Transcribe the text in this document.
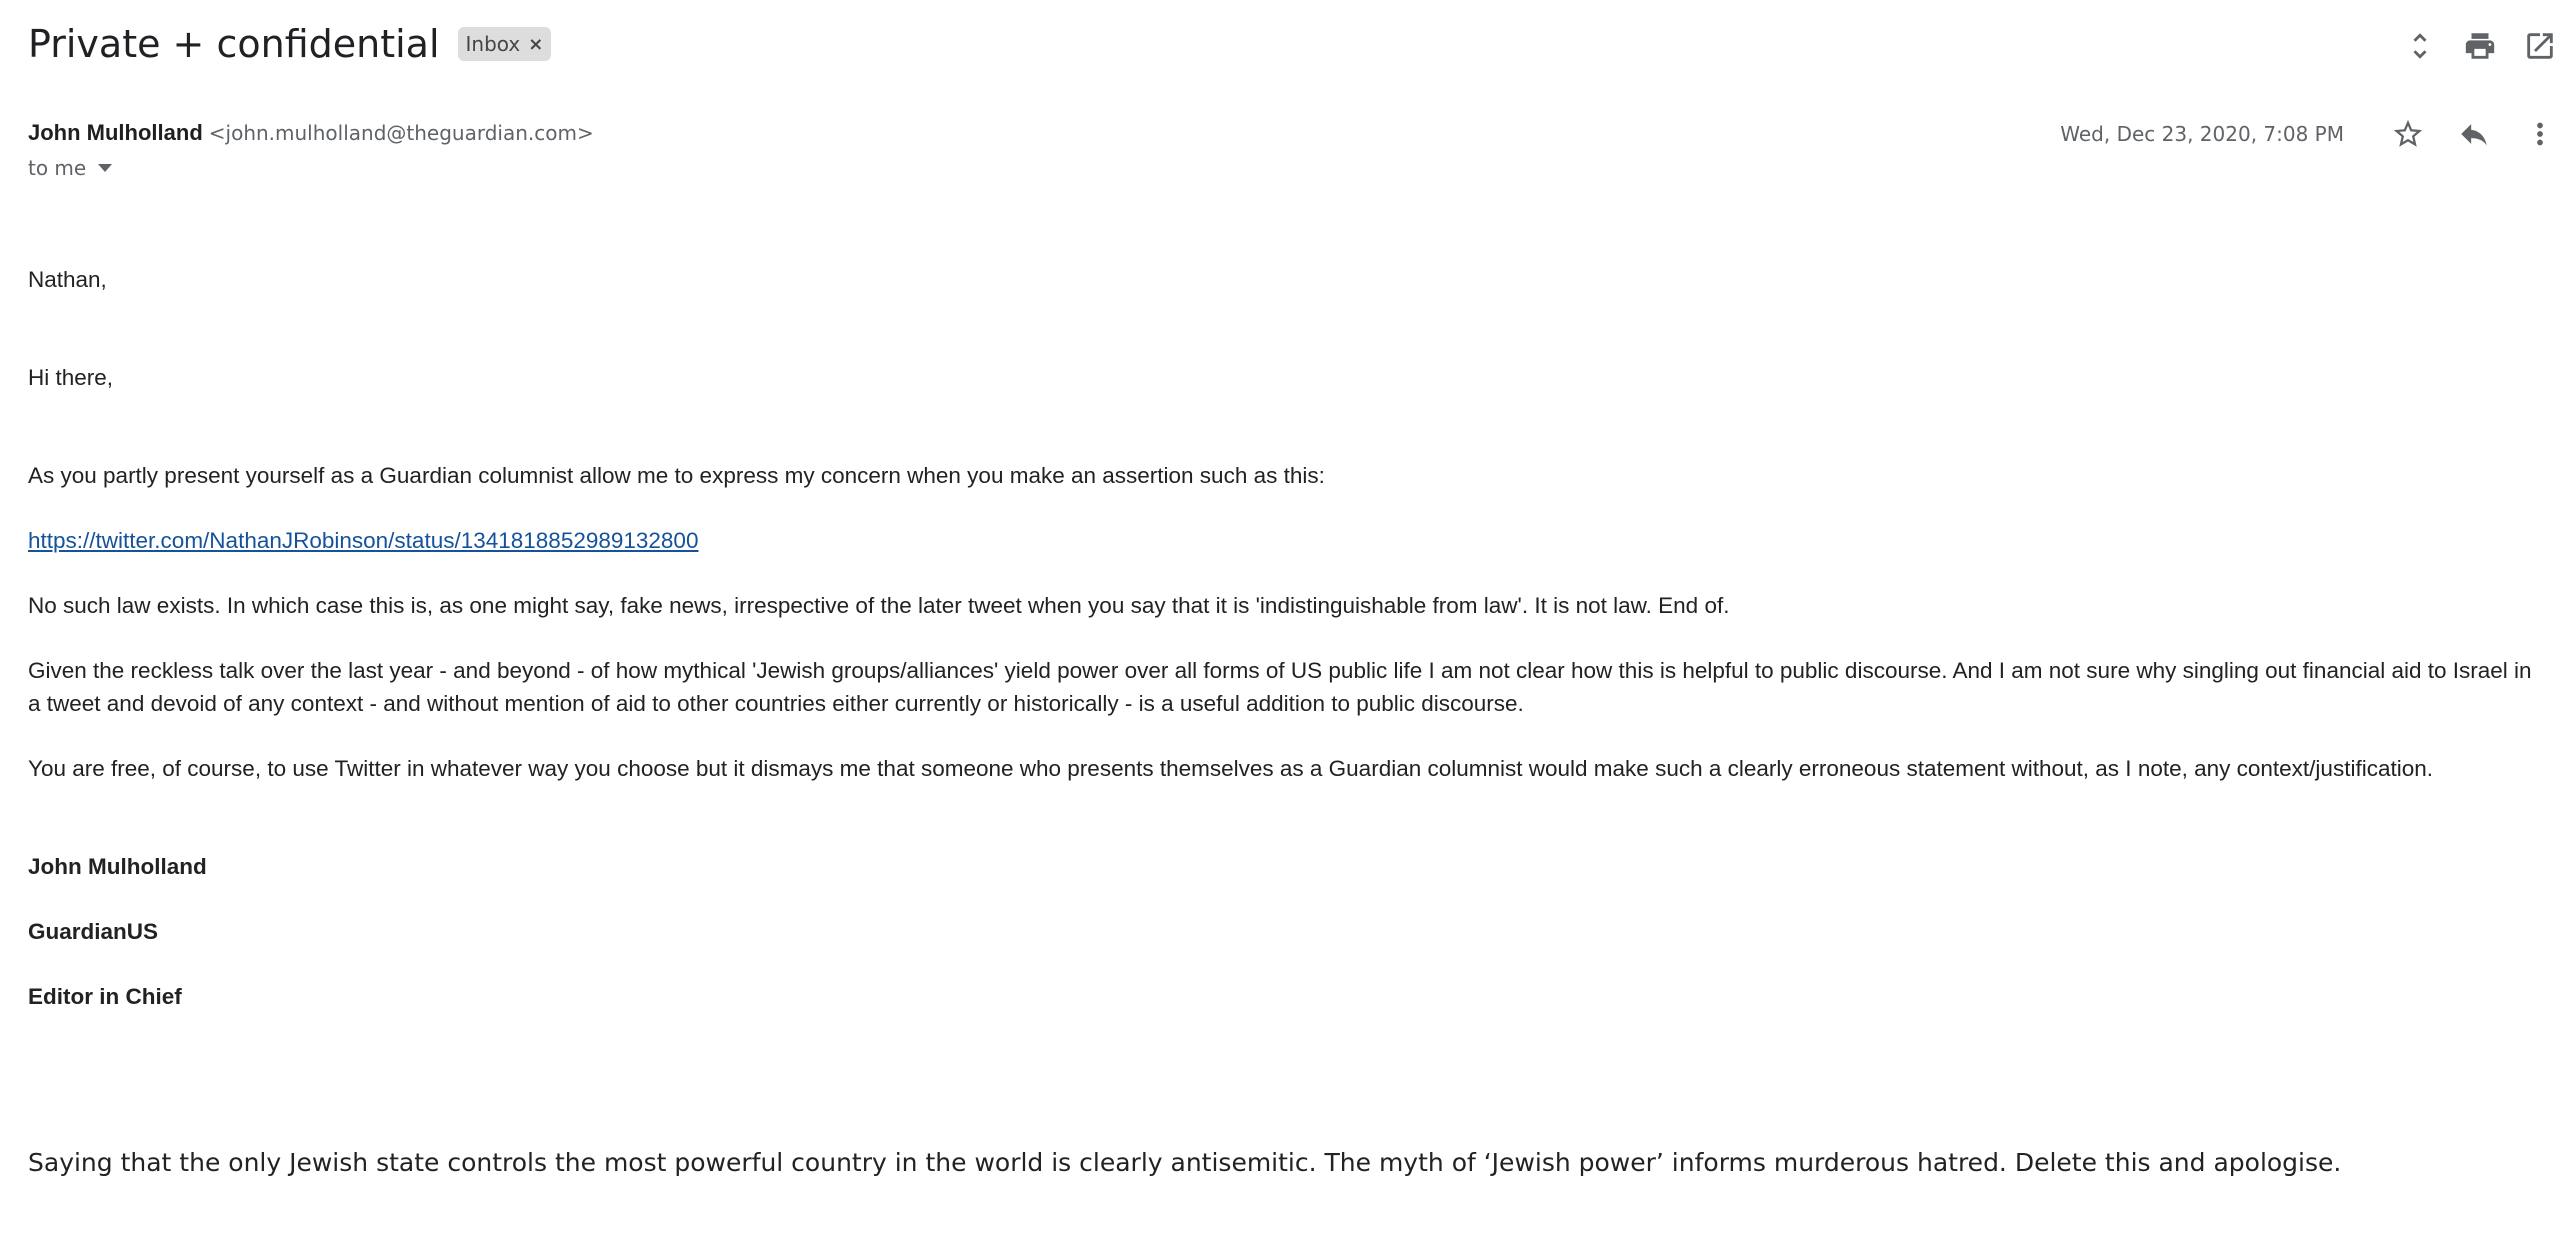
Private + confidential Inbox ×
John Mulholland <john.mulholland@theguardian.com>
to me
Wed, Dec 23, 2020, 7:08 PM
Nathan,
Hi there,
As you partly present yourself as a Guardian columnist allow me to express my concern when you make an assertion such as this:
https://twitter.com/NathanJRobinson/status/1341818852989132800
No such law exists. In which case this is, as one might say, fake news, irrespective of the later tweet when you say that it is 'indistinguishable from law'. It is not law. End of.
Given the reckless talk over the last year - and beyond - of how mythical 'Jewish groups/alliances' yield power over all forms of US public life I am not clear how this is helpful to public discourse. And I am not sure why singling out financial aid to Israel in a tweet and devoid of any context - and without mention of aid to other countries either currently or historically - is a useful addition to public discourse.
You are free, of course, to use Twitter in whatever way you choose but it dismays me that someone who presents themselves as a Guardian columnist would make such a clearly erroneous statement without, as I note, any context/justification.
John Mulholland
GuardianUS
Editor in Chief
Saying that the only Jewish state controls the most powerful country in the world is clearly antisemitic. The myth of ‘Jewish power’ informs murderous hatred. Delete this and apologise.
